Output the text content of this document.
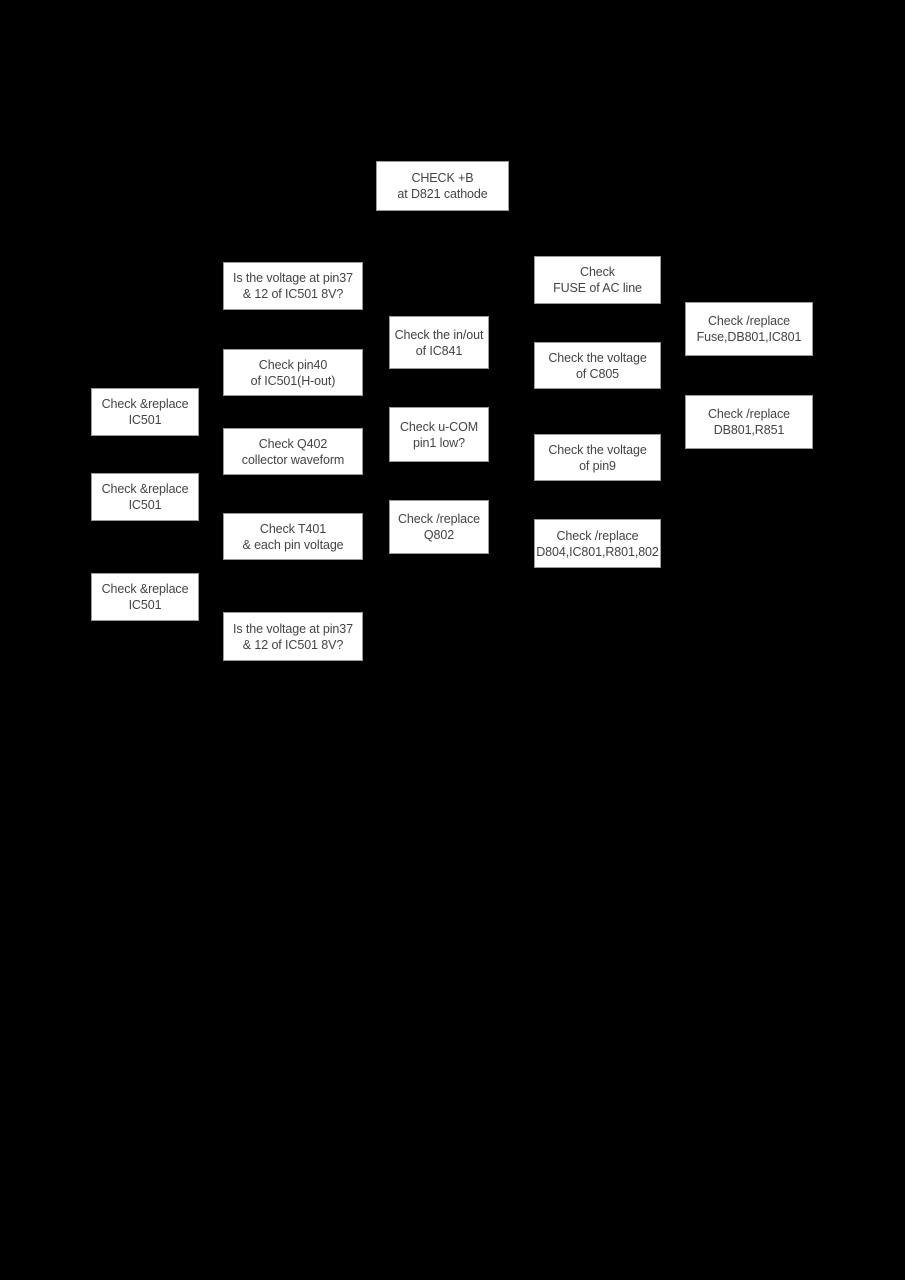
CHECK +B
at D821 cathode
Is the voltage at pin37
& 12 of IC501 8V?
Check
FUSE of AC line
Check /replace
Fuse,DB801,IC801
Check the in/out
of IC841
Check pin40
of IC501(H-out)
Check the voltage
of C805
Check &replace
IC501	Check /replace
DB801,R851
Check Q402
collector waveform
Check u-COM
pin1 low?	Check the voltage
of pin9
Check &replace
IC501
Check T401
& each pin voltage
Check /replace
Q802	Check /replace
D804,IC801,R801,802
Check &replace
IC501
Is the voltage at pin37
& 12 of IC501 8V?
